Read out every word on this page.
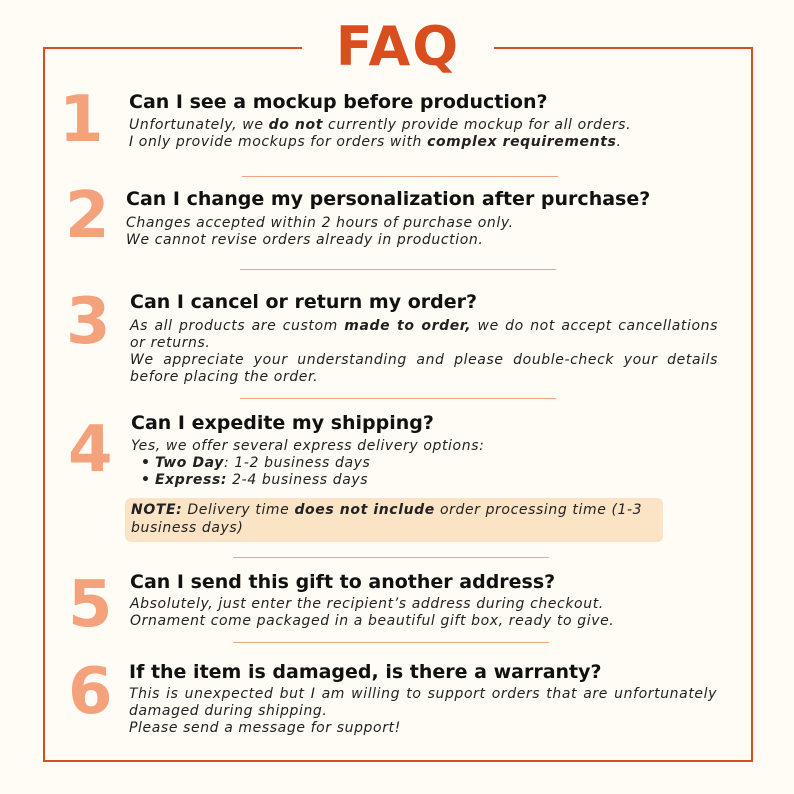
FAQ
1 Can I see a mockup before production?
Unfortunately, we do not currently provide mockup for all orders.
I only provide mockups for orders with complex requirements.
2 Can I change my personalization after purchase?
Changes accepted within 2 hours of purchase only.
We cannot revise orders already in production.
3 Can I cancel or return my order?
As all products are custom made to order, we do not accept cancellations or returns.
We appreciate your understanding and please double-check your details before placing the order.
4 Can I expedite my shipping?
Yes, we offer several express delivery options:
• Two Day: 1-2 business days
• Express: 2-4 business days
NOTE: Delivery time does not include order processing time (1-3 business days)
5 Can I send this gift to another address?
Absolutely, just enter the recipient’s address during checkout.
Ornament come packaged in a beautiful gift box, ready to give.
6 If the item is damaged, is there a warranty?
This is unexpected but I am willing to support orders that are unfortunately damaged during shipping.
Please send a message for support!
